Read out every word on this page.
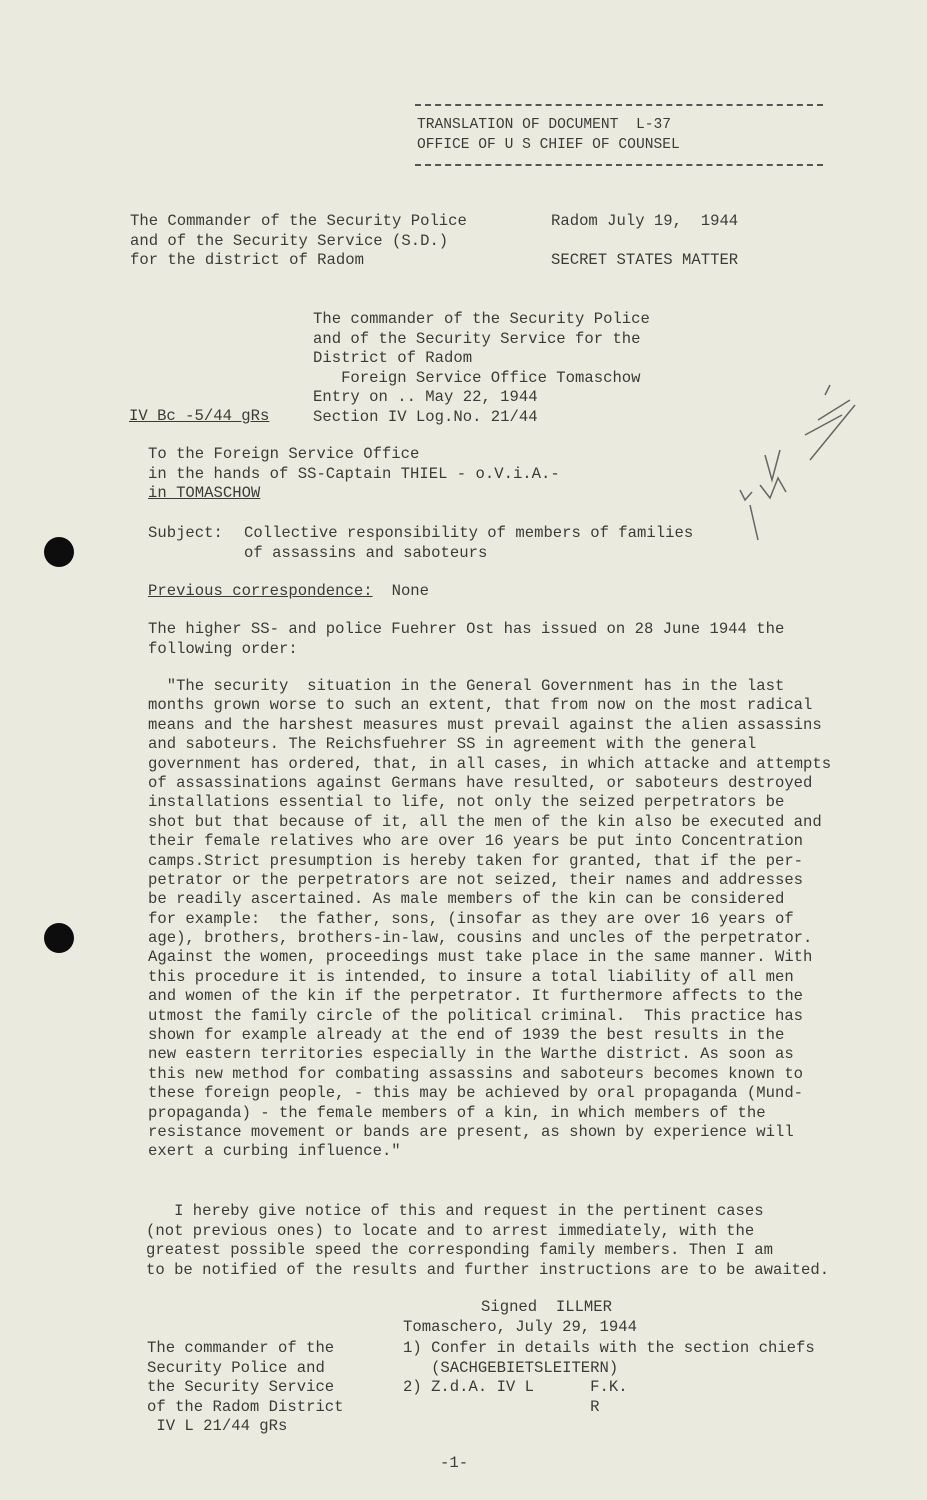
TRANSLATION OF DOCUMENT  L-37
OFFICE OF U S CHIEF OF COUNSEL
The Commander of the Security Police
and of the Security Service (S.D.)
for the district of Radom
Radom July 19,  1944
SECRET STATES MATTER
The commander of the Security Police
and of the Security Service for the
District of Radom
Foreign Service Office Tomaschow
Entry on .. May 22, 1944
Section IV Log.No. 21/44
IV Bc -5/44 gRs
To the Foreign Service Office
in the hands of SS-Captain THIEL - o.V.i.A.-
in TOMASCHOW
Subject: Collective responsibility of members of families
of assassins and saboteurs
Previous correspondence: None
The higher SS- and police Fuehrer Ost has issued on 28 June 1944 the
following order:
"The security  situation in the General Government has in the last
months grown worse to such an extent, that from now on the most radical
means and the harshest measures must prevail against the alien assassins
and saboteurs. The Reichsfuehrer SS in agreement with the general
government has ordered, that, in all cases, in which attacke and attempts
of assassinations against Germans have resulted, or saboteurs destroyed
installations essential to life, not only the seized perpetrators be
shot but that because of it, all the men of the kin also be executed and
their female relatives who are over 16 years be put into Concentration
camps.Strict presumption is hereby taken for granted, that if the per-
petrator or the perpetrators are not seized, their names and addresses
be readily ascertained. As male members of the kin can be considered
for example:  the father, sons, (insofar as they are over 16 years of
age), brothers, brothers-in-law, cousins and uncles of the perpetrator.
Against the women, proceedings must take place in the same manner. With
this procedure it is intended, to insure a total liability of all men
and women of the kin if the perpetrator. It furthermore affects to the
utmost the family circle of the political criminal.  This practice has
shown for example already at the end of 1939 the best results in the
new eastern territories especially in the Warthe district. As soon as
this new method for combating assassins and saboteurs becomes known to
these foreign people, - this may be achieved by oral propaganda (Mund-
propaganda) - the female members of a kin, in which members of the
resistance movement or bands are present, as shown by experience will
exert a curbing influence."
I hereby give notice of this and request in the pertinent cases
(not previous ones) to locate and to arrest immediately, with the
greatest possible speed the corresponding family members. Then I am
to be notified of the results and further instructions are to be awaited.
Signed  ILLMER
Tomaschero, July 29, 1944
The commander of the
Security Police and
the Security Service
of the Radom District
IV L 21/44 gRs
1) Confer in details with the section chiefs
(SACHGEBIETSLEITERN)
2) Z.d.A. IV L      F.K.
R
-1-
